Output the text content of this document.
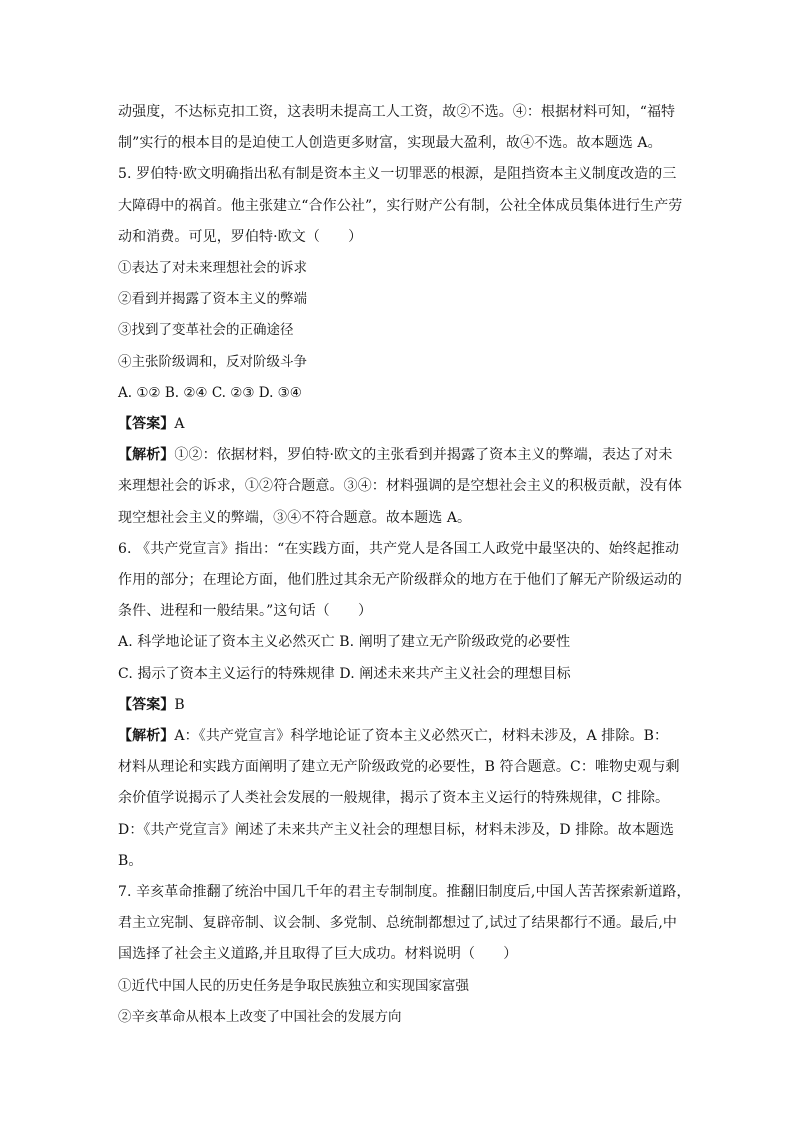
动强度，不达标克扣工资，这表明未提高工人工资，故②不选。④：根据材料可知，“福特
制”实行的根本目的是迫使工人创造更多财富，实现最大盈利，故④不选。故本题选 A。
5. 罗伯特·欧文明确指出私有制是资本主义一切罪恶的根源，是阻挡资本主义制度改造的三
大障碍中的祸首。他主张建立“合作公社”，实行财产公有制，公社全体成员集体进行生产劳
动和消费。可见，罗伯特·欧文（　　）
①表达了对未来理想社会的诉求
②看到并揭露了资本主义的弊端
③找到了变革社会的正确途径
④主张阶级调和，反对阶级斗争
A. ①② B. ②④ C. ②③ D. ③④
【答案】A
【解析】①②：依据材料，罗伯特·欧文的主张看到并揭露了资本主义的弊端，表达了对未
来理想社会的诉求，①②符合题意。③④：材料强调的是空想社会主义的积极贡献，没有体
现空想社会主义的弊端，③④不符合题意。故本题选 A。
6. 《共产党宣言》指出：“在实践方面，共产党人是各国工人政党中最坚决的、始终起推动
作用的部分；在理论方面，他们胜过其余无产阶级群众的地方在于他们了解无产阶级运动的
条件、进程和一般结果。”这句话（　　）
A. 科学地论证了资本主义必然灭亡 B. 阐明了建立无产阶级政党的必要性
C. 揭示了资本主义运行的特殊规律 D. 阐述未来共产主义社会的理想目标
【答案】B
【解析】A：《共产党宣言》科学地论证了资本主义必然灭亡，材料未涉及，A 排除。B：
材料从理论和实践方面阐明了建立无产阶级政党的必要性，B 符合题意。C：唯物史观与剩
余价值学说揭示了人类社会发展的一般规律，揭示了资本主义运行的特殊规律，C 排除。
D：《共产党宣言》阐述了未来共产主义社会的理想目标，材料未涉及，D 排除。故本题选
B。
7. 辛亥革命推翻了统治中国几千年的君主专制制度。推翻旧制度后,中国人苦苦探索新道路，
君主立宪制、复辟帝制、议会制、多党制、总统制都想过了,试过了结果都行不通。最后,中
国选择了社会主义道路,并且取得了巨大成功。材料说明（　　）
①近代中国人民的历史任务是争取民族独立和实现国家富强
②辛亥革命从根本上改变了中国社会的发展方向
